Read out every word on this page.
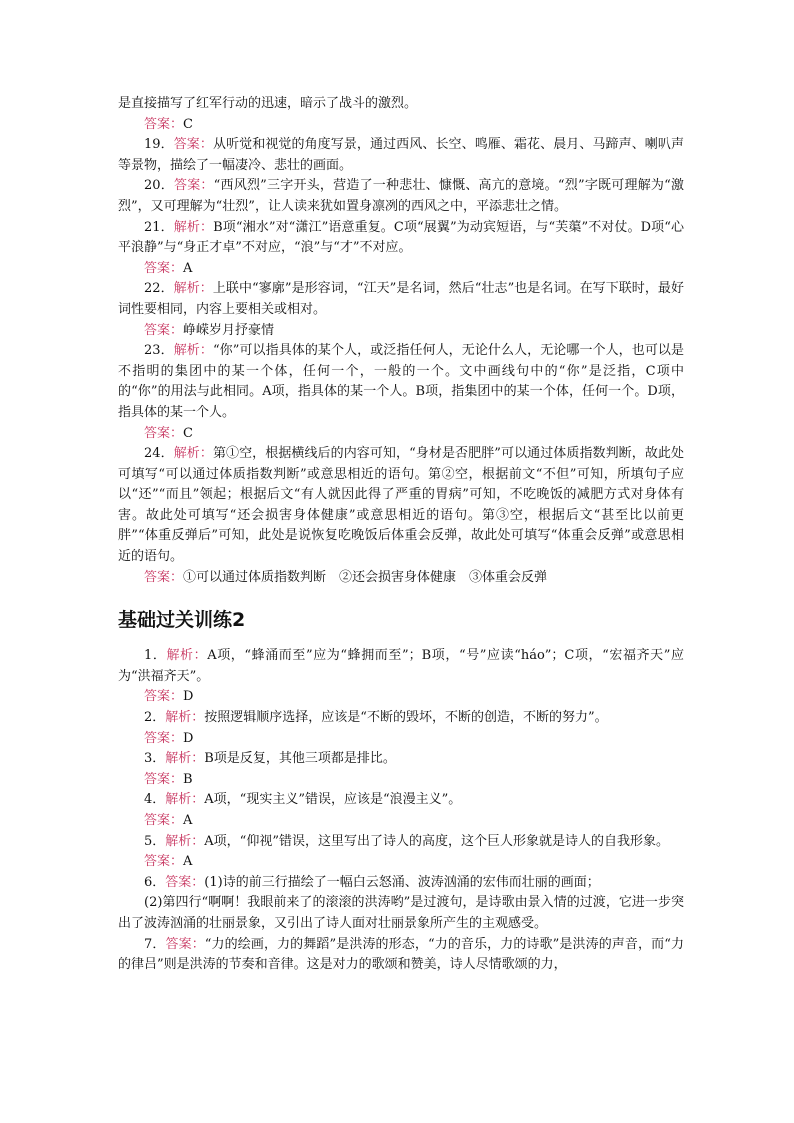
是直接描写了红军行动的迅速，暗示了战斗的激烈。

答案：C

19．答案：从听觉和视觉的角度写景，通过西风、长空、鸣雁、霜花、晨月、马蹄声、喇叭声等景物，描绘了一幅凄冷、悲壮的画面。

20．答案：“西风烈”三字开头，营造了一种悲壮、慷慨、高亢的意境。“烈”字既可理解为“激烈”，又可理解为“壮烈”，让人读来犹如置身凛冽的西风之中，平添悲壮之情。

21．解析：B项“湘水”对“潇江”语意重复。C项“展翼”为动宾短语，与“芙蕖”不对仗。D项“心平浪静”与“身正才卓”不对应，“浪”与“才”不对应。

答案：A

22．解析：上联中“寥廓”是形容词，“江天”是名词，然后“壮志”也是名词。在写下联时，最好词性要相同，内容上要相关或相对。

答案：峥嵘岁月抒豪情

23．解析：“你”可以指具体的某个人，或泛指任何人，无论什么人，无论哪一个人，也可以是不指明的集团中的某一个体，任何一个，一般的一个。文中画线句中的“你”是泛指，C项中的“你”的用法与此相同。A项，指具体的某一个人。B项，指集团中的某一个体，任何一个。D项，指具体的某一个人。

答案：C

24．解析：第①空，根据横线后的内容可知，“身材是否肥胖”可以通过体质指数判断，故此处可填写“可以通过体质指数判断”或意思相近的语句。第②空，根据前文“不但”可知，所填句子应以“还”“而且”领起；根据后文“有人就因此得了严重的胃病”可知，不吃晚饭的减肥方式对身体有害。故此处可填写“还会损害身体健康”或意思相近的语句。第③空，根据后文“甚至比以前更胖”“体重反弹后”可知，此处是说恢复吃晚饭后体重会反弹，故此处可填写“体重会反弹”或意思相近的语句。

答案：①可以通过体质指数判断　②还会损害身体健康　③体重会反弹

基础过关训练2

1．解析：A项，“蜂涌而至”应为“蜂拥而至”；B项，“号”应读“háo”；C项，“宏福齐天”应为“洪福齐天”。

答案：D

2．解析：按照逻辑顺序选择，应该是“不断的毁坏，不断的创造，不断的努力”。

答案：D

3．解析：B项是反复，其他三项都是排比。

答案：B

4．解析：A项，“现实主义”错误，应该是“浪漫主义”。

答案：A

5．解析：A项，“仰视”错误，这里写出了诗人的高度，这个巨人形象就是诗人的自我形象。

答案：A

6．答案：(1)诗的前三行描绘了一幅白云怒涌、波涛汹涌的宏伟而壮丽的画面；

(2)第四行“啊啊！我眼前来了的滚滚的洪涛哟”是过渡句，是诗歌由景入情的过渡，它进一步突出了波涛汹涌的壮丽景象，又引出了诗人面对壮丽景象所产生的主观感受。

7．答案：“力的绘画，力的舞蹈”是洪涛的形态，“力的音乐，力的诗歌”是洪涛的声音，而“力的律吕”则是洪涛的节奏和音律。这是对力的歌颂和赞美，诗人尽情歌颂的力，
